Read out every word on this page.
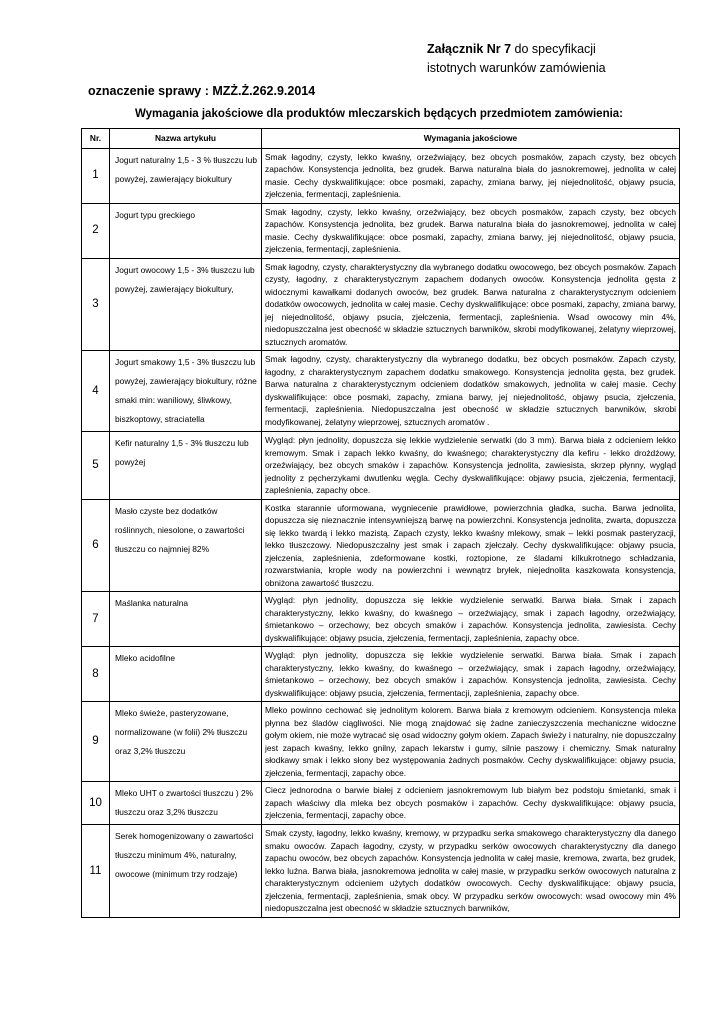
Załącznik Nr 7 do specyfikacji
istotnych warunków zamówienia
oznaczenie sprawy : MZŻ.Ż.262.9.2014
Wymagania jakościowe dla produktów mleczarskich będących przedmiotem zamówienia:
Nr.	Nazwa artykułu	Wymagania jakościowe
1	Jogurt naturalny 1,5 - 3 % tłuszczu lub powyżej, zawierający biokultury	Smak łagodny, czysty, lekko kwaśny, orzeźwiający, bez obcych posmaków, zapach czysty, bez obcych zapachów. Konsystencja jednolita, bez grudek. Barwa naturalna biała do jasnokremowej, jednolita w całej masie. Cechy dyskwalifikujące: obce posmaki, zapachy, zmiana barwy, jej niejednolitość, objawy psucia, zjełczenia, fermentacji, zapleśnienia.
2	Jogurt typu greckiego	Smak łagodny, czysty, lekko kwaśny, orzeźwiający, bez obcych posmaków, zapach czysty, bez obcych zapachów. Konsystencja jednolita, bez grudek. Barwa naturalna biała do jasnokremowej, jednolita w całej masie. Cechy dyskwalifikujące: obce posmaki, zapachy, zmiana barwy, jej niejednolitość, objawy psucia, zjełczenia, fermentacji, zapleśnienia.
3	Jogurt owocowy 1,5 - 3% tłuszczu lub powyżej, zawierający biokultury,	Smak łagodny, czysty, charakterystyczny dla wybranego dodatku owocowego, bez obcych posmaków. Zapach czysty, łagodny, z charakterystycznym zapachem dodanych owoców. Konsystencja jednolita gęsta z widocznymi kawałkami dodanych owoców, bez grudek. Barwa naturalna z charakterystycznym odcieniem dodatków owocowych, jednolita w całej masie. Cechy dyskwalifikujące: obce posmaki, zapachy, zmiana barwy, jej niejednolitość, objawy psucia, zjełczenia, fermentacji, zapleśnienia. Wsad owocowy min 4%, niedopuszczalna jest obecność w składzie sztucznych barwników, skrobi modyfikowanej, żelatyny wieprzowej, sztucznych aromatów.
4	Jogurt smakowy 1,5 - 3% tłuszczu lub powyżej, zawierający biokultury, różne smaki min: waniliowy, śliwkowy, biszkoptowy, straciatella	Smak łagodny, czysty, charakterystyczny dla wybranego dodatku, bez obcych posmaków. Zapach czysty, łagodny, z charakterystycznym zapachem dodatku smakowego. Konsystencja jednolita gęsta, bez grudek. Barwa naturalna z charakterystycznym odcieniem dodatków smakowych, jednolita w całej masie. Cechy dyskwalifikujące: obce posmaki, zapachy, zmiana barwy, jej niejednolitość, objawy psucia, zjełczenia, fermentacji, zapleśnienia. Niedopuszczalna jest obecność w składzie sztucznych barwników, skrobi modyfikowanej, żelatyny wieprzowej, sztucznych aromatów .
5	Kefir naturalny 1,5 - 3% tłuszczu lub powyżej	Wygląd: płyn jednolity, dopuszcza się lekkie wydzielenie serwatki (do 3 mm). Barwa biała z odcieniem lekko kremowym. Smak i zapach lekko kwaśny, do kwaśnego; charakterystyczny dla kefiru - lekko drożdżowy, orzeźwiający, bez obcych smaków i zapachów. Konsystencja jednolita, zawiesista, skrzep płynny, wygląd jednolity z pęcherzykami dwutlenku węgla. Cechy dyskwalifikujące: objawy psucia, zjełczenia, fermentacji, zapleśnienia, zapachy obce.
6	Masło czyste bez dodatków roślinnych, niesolone, o zawartości tłuszczu co najmniej 82%	Kostka starannie uformowana, wygniecenie prawidłowe, powierzchnia gładka, sucha. Barwa jednolita, dopuszcza się nieznacznie intensywniejszą barwę na powierzchni. Konsystencja jednolita, zwarta, dopuszcza się lekko twardą i lekko mazistą. Zapach czysty, lekko kwaśny mlekowy, smak – lekki posmak pasteryzacji, lekko tłuszczowy. Niedopuszczalny jest smak i zapach zjełczały. Cechy dyskwalifikujące: objawy psucia, zjełczenia, zapleśnienia, zdeformowane kostki, roztopione, ze śladami kilkukrotnego schładzania, rozwarstwiania, krople wody na powierzchni i wewnątrz bryłek, niejednolita kaszkowata konsystencja, obniżona zawartość tłuszczu.
7	Maślanka naturalna	Wygląd: płyn jednolity, dopuszcza się lekkie wydzielenie serwatki. Barwa biała. Smak i zapach charakterystyczny, lekko kwaśny, do kwaśnego – orzeźwiający, smak i zapach łagodny, orzeźwiający, śmietankowo – orzechowy, bez obcych smaków i zapachów. Konsystencja jednolita, zawiesista. Cechy dyskwalifikujące: objawy psucia, zjełczenia, fermentacji, zapleśnienia, zapachy obce.
8	Mleko acidofilne	Wygląd: płyn jednolity, dopuszcza się lekkie wydzielenie serwatki. Barwa biała. Smak i zapach charakterystyczny, lekko kwaśny, do kwaśnego – orzeźwiający, smak i zapach łagodny, orzeźwiający, śmietankowo – orzechowy, bez obcych smaków i zapachów. Konsystencja jednolita, zawiesista. Cechy dyskwalifikujące: objawy psucia, zjełczenia, fermentacji, zapleśnienia, zapachy obce.
9	Mleko świeże, pasteryzowane, normalizowane (w folii) 2% tłuszczu oraz 3,2% tłuszczu	Mleko powinno cechować się jednolitym kolorem. Barwa biała z kremowym odcieniem. Konsystencja mleka płynna bez śladów ciągliwości. Nie mogą znajdować się żadne zanieczyszczenia mechaniczne widoczne gołym okiem, nie może wytracać się osad widoczny gołym okiem. Zapach świeży i naturalny, nie dopuszczalny jest zapach kwaśny, lekko gnilny, zapach lekarstw i gumy, silnie paszowy i chemiczny. Smak naturalny słodkawy smak i lekko słony bez występowania żadnych posmaków. Cechy dyskwalifikujące: objawy psucia, zjełczenia, fermentacji, zapachy obce.
10	Mleko UHT o zwartości tłuszczu ) 2% tłuszczu oraz 3,2% tłuszczu	Ciecz jednorodna o barwie białej z odcieniem jasnokremowym lub białym bez podstoju śmietanki, smak i zapach właściwy dla mleka bez obcych posmaków i zapachów. Cechy dyskwalifikujące: objawy psucia, zjełczenia, fermentacji, zapachy obce.
11	Serek homogenizowany o zawartości tłuszczu minimum 4%, naturalny, owocowe (minimum trzy rodzaje)	Smak czysty, łagodny, lekko kwaśny, kremowy, w przypadku serka smakowego charakterystyczny dla danego smaku owoców. Zapach łagodny, czysty, w przypadku serków owocowych charakterystyczny dla danego zapachu owoców, bez obcych zapachów. Konsystencja jednolita w całej masie, kremowa, zwarta, bez grudek, lekko luźna. Barwa biała, jasnokremowa jednolita w całej masie, w przypadku serków owocowych naturalna z charakterystycznym odcieniem użytych dodatków owocowych. Cechy dyskwalifikujące: objawy psucia, zjełczenia, fermentacji, zapleśnienia, smak obcy. W przypadku serków owocowych: wsad owocowy min 4% niedopuszczalna jest obecność w składzie sztucznych barwników,
